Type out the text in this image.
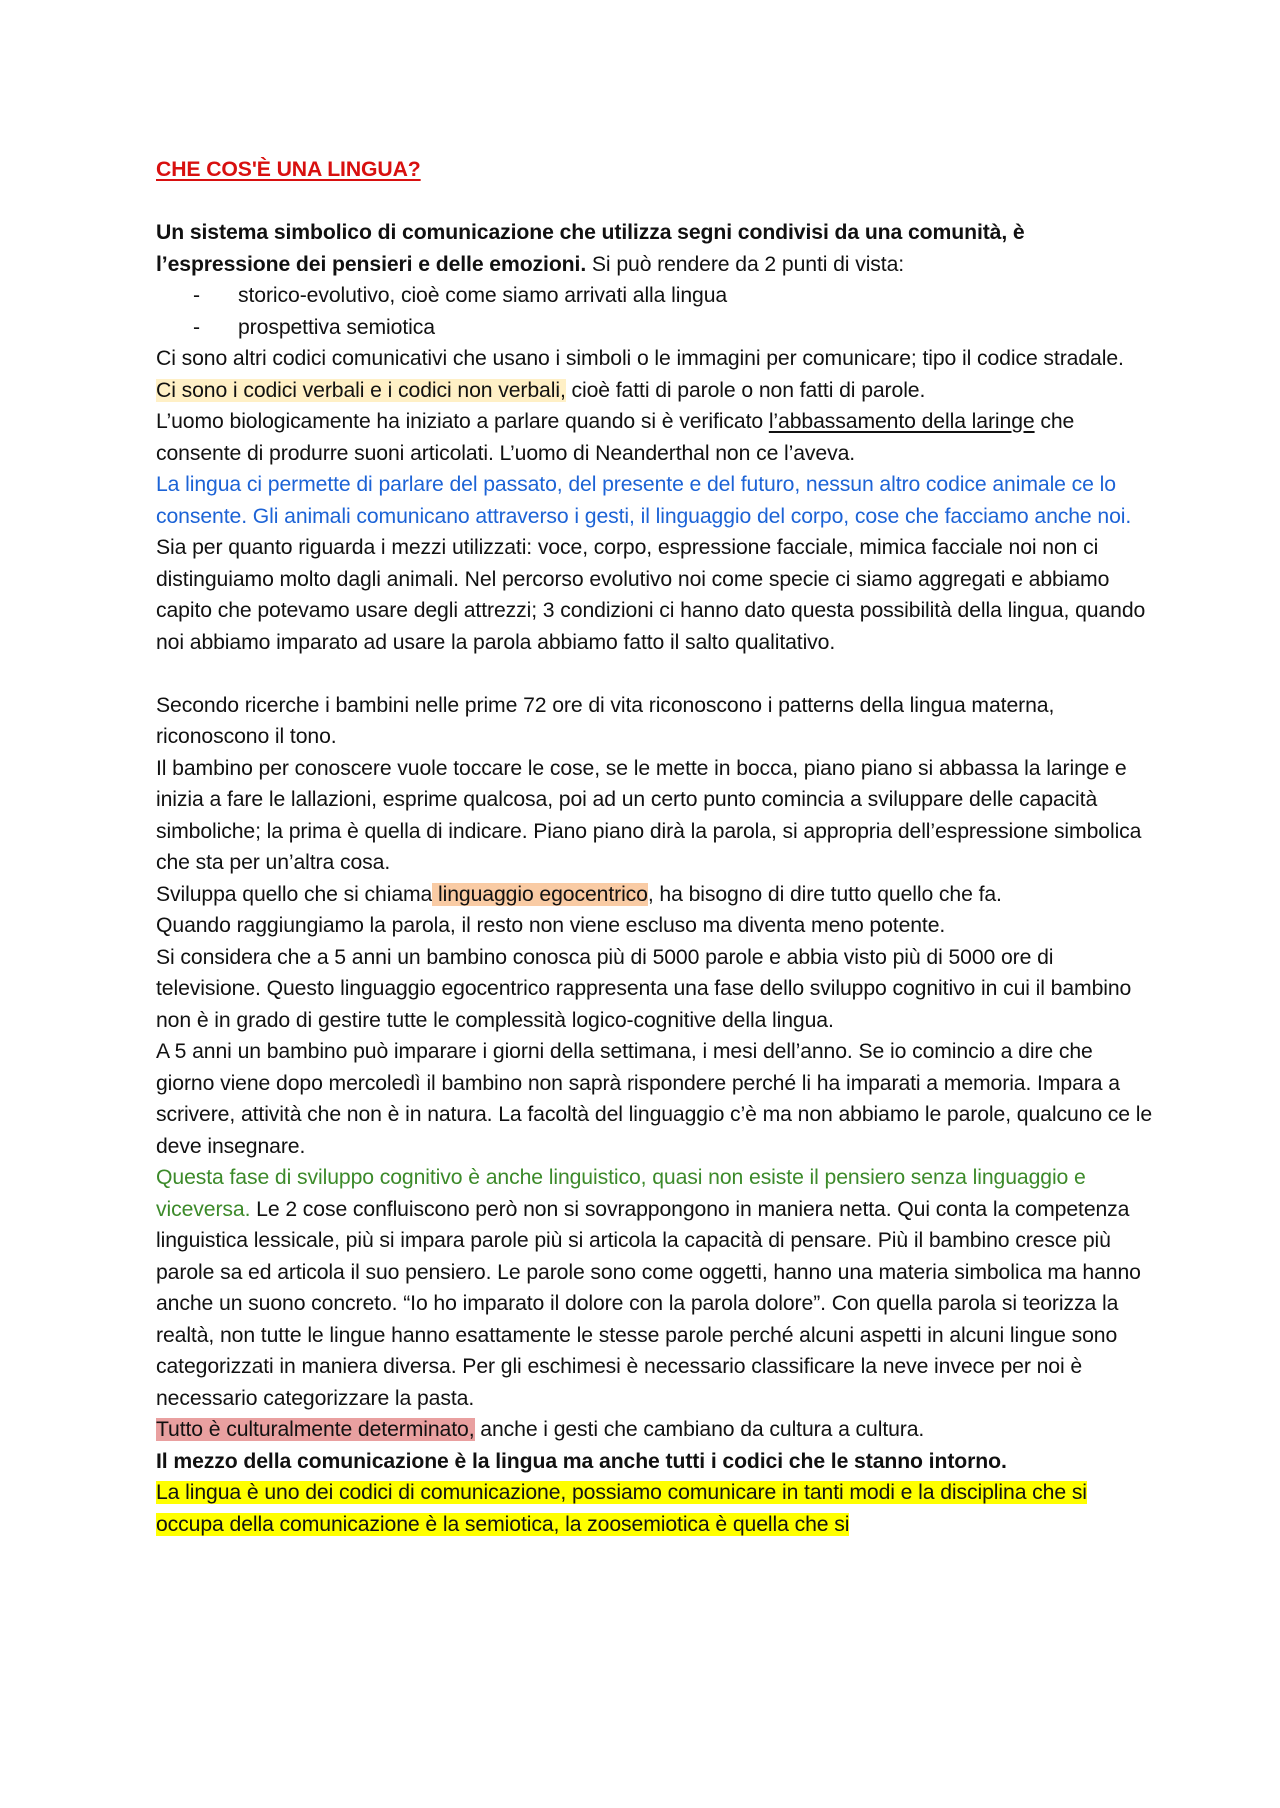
CHE COS'È UNA LINGUA?

Un sistema simbolico di comunicazione che utilizza segni condivisi da una comunità, è l’espressione dei pensieri e delle emozioni. Si può rendere da 2 punti di vista:

- storico-evolutivo, cioè come siamo arrivati alla lingua
- prospettiva semiotica

Ci sono altri codici comunicativi che usano i simboli o le immagini per comunicare; tipo il codice stradale.

Ci sono i codici verbali e i codici non verbali, cioè fatti di parole o non fatti di parole.

L’uomo biologicamente ha iniziato a parlare quando si è verificato l’abbassamento della laringe che consente di produrre suoni articolati. L’uomo di Neanderthal non ce l’aveva.

La lingua ci permette di parlare del passato, del presente e del futuro, nessun altro codice animale ce lo consente. Gli animali comunicano attraverso i gesti, il linguaggio del corpo, cose che facciamo anche noi. Sia per quanto riguarda i mezzi utilizzati: voce, corpo, espressione facciale, mimica facciale noi non ci distinguiamo molto dagli animali. Nel percorso evolutivo noi come specie ci siamo aggregati e abbiamo capito che potevamo usare degli attrezzi; 3 condizioni ci hanno dato questa possibilità della lingua, quando noi abbiamo imparato ad usare la parola abbiamo fatto il salto qualitativo.

Secondo ricerche i bambini nelle prime 72 ore di vita riconoscono i patterns della lingua materna, riconoscono il tono.

Il bambino per conoscere vuole toccare le cose, se le mette in bocca, piano piano si abbassa la laringe e inizia a fare le lallazioni, esprime qualcosa, poi ad un certo punto comincia a sviluppare delle capacità simboliche; la prima è quella di indicare. Piano piano dirà la parola, si appropria dell’espressione simbolica che sta per un’altra cosa.

Sviluppa quello che si chiama linguaggio egocentrico, ha bisogno di dire tutto quello che fa.

Quando raggiungiamo la parola, il resto non viene escluso ma diventa meno potente.

Si considera che a 5 anni un bambino conosca più di 5000 parole e abbia visto più di 5000 ore di televisione. Questo linguaggio egocentrico rappresenta una fase dello sviluppo cognitivo in cui il bambino non è in grado di gestire tutte le complessità logico-cognitive della lingua.

A 5 anni un bambino può imparare i giorni della settimana, i mesi dell’anno. Se io comincio a dire che giorno viene dopo mercoledì il bambino non saprà rispondere perché li ha imparati a memoria. Impara a scrivere, attività che non è in natura. La facoltà del linguaggio c’è ma non abbiamo le parole, qualcuno ce le deve insegnare.

Questa fase di sviluppo cognitivo è anche linguistico, quasi non esiste il pensiero senza linguaggio e viceversa. Le 2 cose confluiscono però non si sovrappongono in maniera netta. Qui conta la competenza linguistica lessicale, più si impara parole più si articola la capacità di pensare. Più il bambino cresce più parole sa ed articola il suo pensiero. Le parole sono come oggetti, hanno una materia simbolica ma hanno anche un suono concreto. “Io ho imparato il dolore con la parola dolore”. Con quella parola si teorizza la realtà, non tutte le lingue hanno esattamente le stesse parole perché alcuni aspetti in alcuni lingue sono categorizzati in maniera diversa. Per gli eschimesi è necessario classificare la neve invece per noi è necessario categorizzare la pasta.

Tutto è culturalmente determinato, anche i gesti che cambiano da cultura a cultura.

Il mezzo della comunicazione è la lingua ma anche tutti i codici che le stanno intorno.

La lingua è uno dei codici di comunicazione, possiamo comunicare in tanti modi e la disciplina che si occupa della comunicazione è la semiotica, la zoosemiotica è quella che si
